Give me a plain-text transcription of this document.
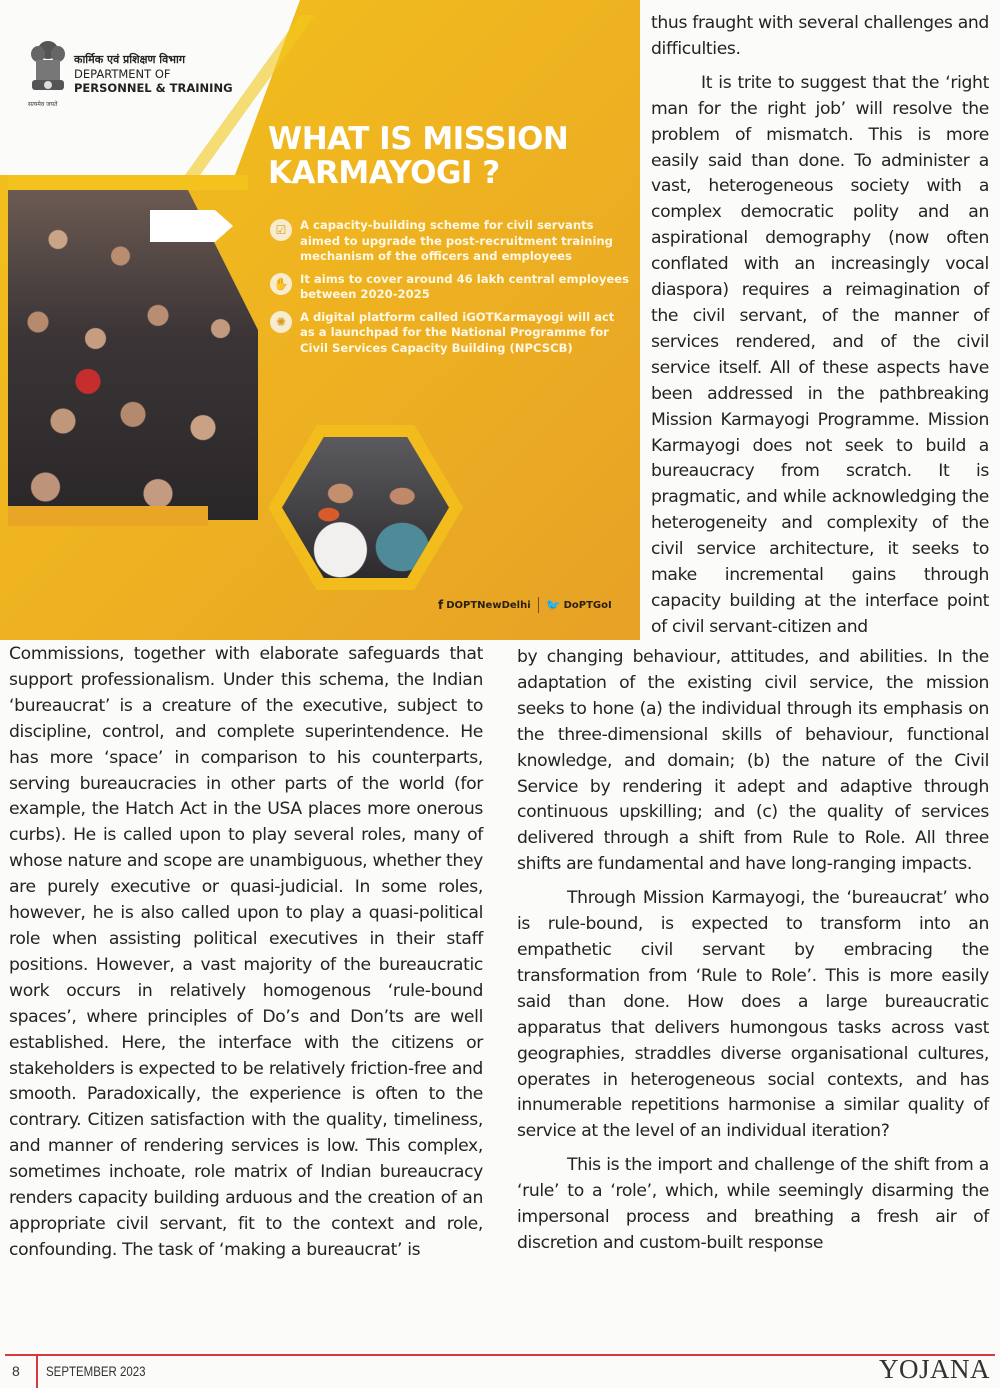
कार्मिक एवं प्रशिक्षण विभाग
DEPARTMENT OF
PERSONNEL & TRAINING
सत्यमेव जयते
WHAT IS MISSION
KARMAYOGI ?
☑	A capacity-building scheme for civil servants aimed to upgrade the post-recruitment training mechanism of the officers and employees
✋ It aims to cover around 46 lakh central employees between 2020-2025
✺	A digital platform called iGOTKarmayogi will act as a launchpad for the National Programme for Civil Services Capacity Building (NPCSCB)
f DOPTNewDelhi 🐦 DoPTGoI

thus fraught with several challenges and difficulties.

It is trite to suggest that the ‘right man for the right job’ will resolve the problem of mismatch. This is more easily said than done. To administer a vast, heterogeneous society with a complex democratic polity and an aspirational demography (now often conflated with an increasingly vocal diaspora) requires a reimagination of the civil servant, of the manner of services rendered, and of the civil service itself. All of these aspects have been addressed in the pathbreaking Mission Karmayogi Programme. Mission Karmayogi does not seek to build a bureaucracy from scratch. It is pragmatic, and while acknowledging the heterogeneity and complexity of the civil service architecture, it seeks to make incremental gains through capacity building at the interface point of civil servant-citizen and

by changing behaviour, attitudes, and abilities. In the adaptation of the existing civil service, the mission seeks to hone (a) the individual through its emphasis on the three-dimensional skills of behaviour, functional knowledge, and domain; (b) the nature of the Civil Service by rendering it adept and adaptive through continuous upskilling; and (c) the quality of services delivered through a shift from Rule to Role. All three shifts are fundamental and have long-ranging impacts.

Through Mission Karmayogi, the ‘bureaucrat’ who is rule-bound, is expected to transform into an empathetic civil servant by embracing the transformation from ‘Rule to Role’. This is more easily said than done. How does a large bureaucratic apparatus that delivers humongous tasks across vast geographies, straddles diverse organisational cultures, operates in heterogeneous social contexts, and has innumerable repetitions harmonise a similar quality of service at the level of an individual iteration?

This is the import and challenge of the shift from a ‘rule’ to a ‘role’, which, while seemingly disarming the impersonal process and breathing a fresh air of discretion and custom-built response

Commissions, together with elaborate safeguards that support professionalism. Under this schema, the Indian ‘bureaucrat’ is a creature of the executive, subject to discipline, control, and complete superintendence. He has more ‘space’ in comparison to his counterparts, serving bureaucracies in other parts of the world (for example, the Hatch Act in the USA places more onerous curbs). He is called upon to play several roles, many of whose nature and scope are unambiguous, whether they are purely executive or quasi-judicial. In some roles, however, he is also called upon to play a quasi-political role when assisting political executives in their staff positions. However, a vast majority of the bureaucratic work occurs in relatively homogenous ‘rule-bound spaces’, where principles of Do’s and Don’ts are well established. Here, the interface with the citizens or stakeholders is expected to be relatively friction-free and smooth. Paradoxically, the experience is often to the contrary. Citizen satisfaction with the quality, timeliness, and manner of rendering services is low. This complex, sometimes inchoate, role matrix of Indian bureaucracy renders capacity building arduous and the creation of an appropriate civil servant, fit to the context and role, confounding. The task of ‘making a bureaucrat’ is

8 SEPTEMBER 2023	YOJANA
